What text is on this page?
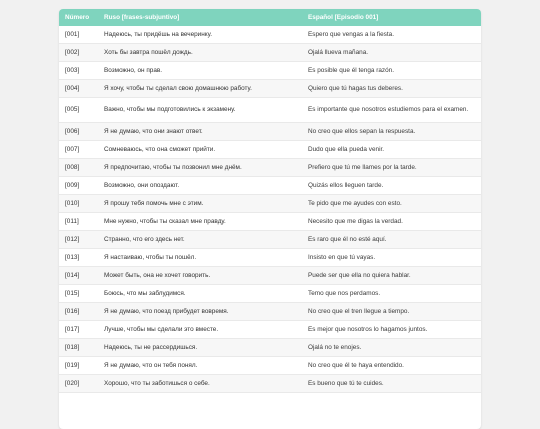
Número	Ruso [frases-subjuntivo]	Español [Episodio 001]
[001]	Надеюсь, ты придёшь на вечеринку.	Espero que vengas a la fiesta.
[002]	Хоть бы завтра пошёл дождь.	Ojalá llueva mañana.
[003]	Возможно, он прав.	Es posible que él tenga razón.
[004]	Я хочу, чтобы ты сделал свою домашнюю работу.	Quiero que tú hagas tus deberes.
[005]	Важно, чтобы мы подготовились к экзамену.	Es importante que nosotros estudiemos para el examen.
[006]	Я не думаю, что они знают ответ.	No creo que ellos sepan la respuesta.
[007]	Сомневаюсь, что она сможет прийти.	Dudo que ella pueda venir.
[008]	Я предпочитаю, чтобы ты позвонил мне днём.	Prefiero que tú me llames por la tarde.
[009]	Возможно, они опоздают.	Quizás ellos lleguen tarde.
[010]	Я прошу тебя помочь мне с этим.	Te pido que me ayudes con esto.
[011]	Мне нужно, чтобы ты сказал мне правду.	Necesito que me digas la verdad.
[012]	Странно, что его здесь нет.	Es raro que él no esté aquí.
[013]	Я настаиваю, чтобы ты пошёл.	Insisto en que tú vayas.
[014]	Может быть, она не хочет говорить.	Puede ser que ella no quiera hablar.
[015]	Боюсь, что мы заблудимся.	Temo que nos perdamos.
[016]	Я не думаю, что поезд прибудет вовремя.	No creo que el tren llegue a tiempo.
[017]	Лучше, чтобы мы сделали это вместе.	Es mejor que nosotros lo hagamos juntos.
[018]	Надеюсь, ты не рассердишься.	Ojalá no te enojes.
[019]	Я не думаю, что он тебя понял.	No creo que él te haya entendido.
[020]	Хорошо, что ты заботишься о себе.	Es bueno que tú te cuides.
